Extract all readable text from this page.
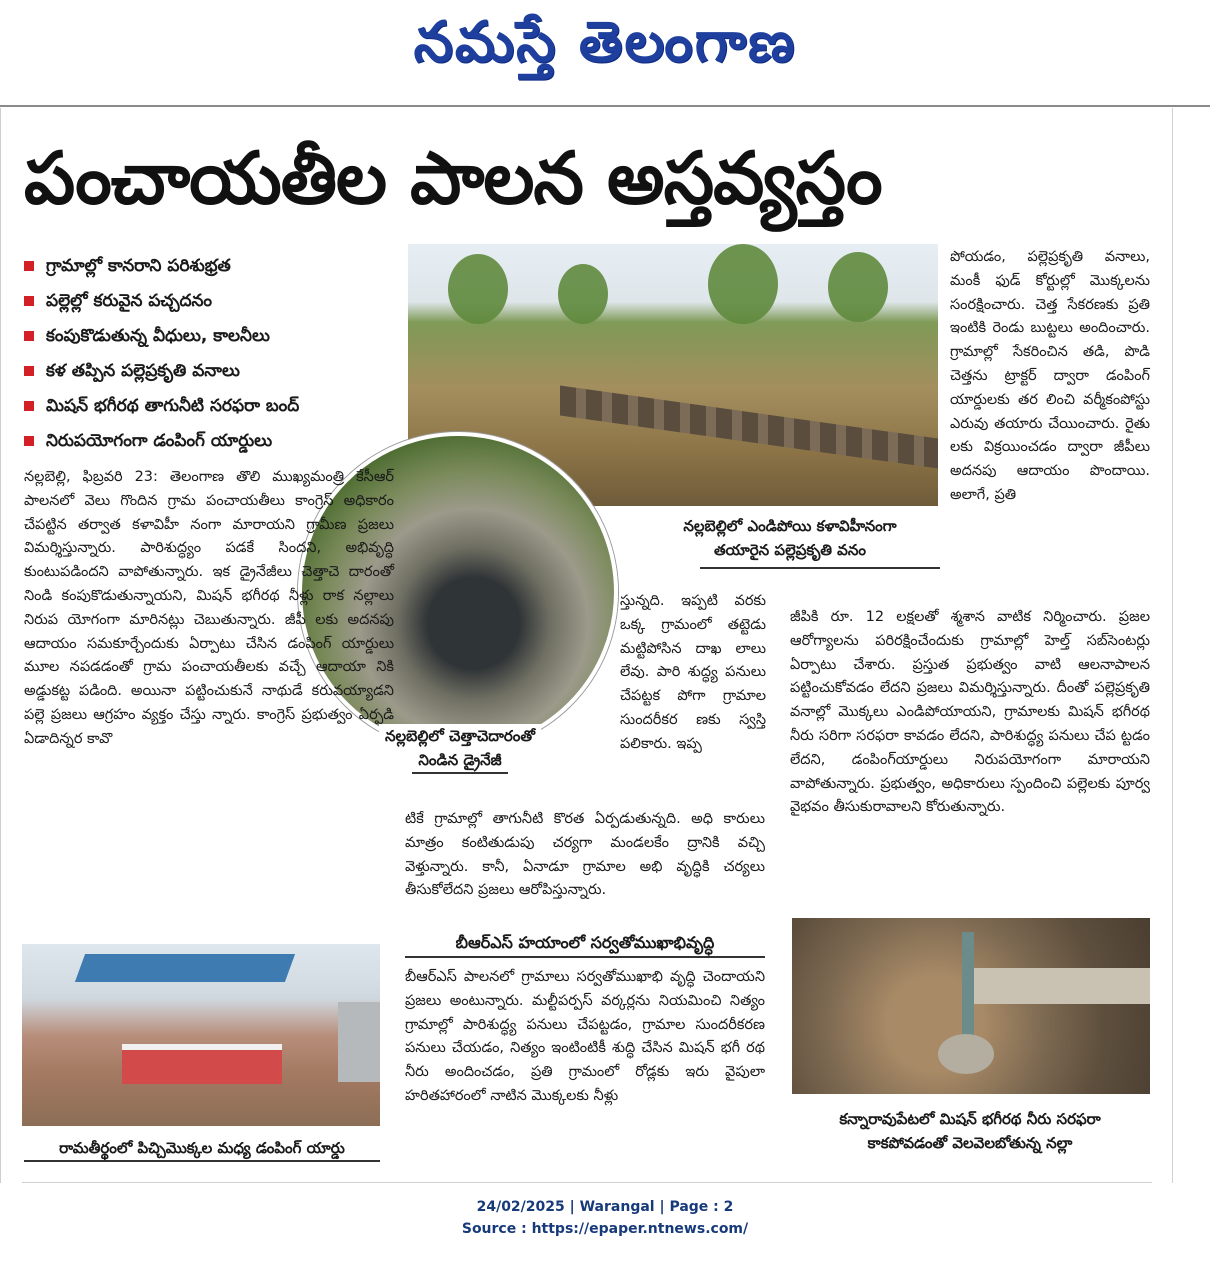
నమస్తే తెలంగాణ
పంచాయతీల పాలన అస్తవ్యస్తం
గ్రామాల్లో కానరాని పరిశుభ్రత
పల్లెల్లో కరువైన పచ్చదనం
కంపుకొడుతున్న వీధులు, కాలనీలు
కళ తప్పిన పల్లెప్రకృతి వనాలు
మిషన్ భగీరథ తాగునీటి సరఫరా బంద్
నిరుపయోగంగా డంపింగ్ యార్డులు
నల్లబెల్లిలో ఎండిపోయి కళావిహీనంగా
తయారైన పల్లెప్రకృతి వనం
నల్లబెల్లిలో చెత్తాచెదారంతో
నిండిన డ్రైనేజీ
రామతీర్థంలో పిచ్చిమొక్కల మధ్య డంపింగ్ యార్డు
కన్నారావుపేటలో మిషన్ భగీరథ నీరు సరఫరా
కాకపోవడంతో వెలవెలబోతున్న నల్లా

నల్లబెల్లి, ఫిబ్రవరి 23: తెలంగాణ తొలి ముఖ్యమంత్రి కేసీఆర్ పాలనలో వెలు గొందిన గ్రామ పంచాయతీలు కాంగ్రెస్ అధికారం చేపట్టిన తర్వాత కళావిహీ నంగా మారాయని గ్రామీణ ప్రజలు విమర్శిస్తున్నారు. పారిశుద్ధ్యం పడకే సిందని, అభివృద్ధి కుంటుపడిందని వాపోతున్నారు. ఇక డ్రైనేజీలు చెత్తాచె దారంతో నిండి కంపుకొడుతున్నాయని, మిషన్ భగీరథ నీళ్లు రాక నల్లాలు నిరుప యోగంగా మారినట్లు చెబుతున్నారు. జీపీ లకు అదనపు ఆదాయం సమకూర్చేందుకు ఏర్పాటు చేసిన డంపింగ్ యార్డులు మూల నపడడంతో గ్రామ పంచాయతీలకు వచ్చే ఆదాయా నికి అడ్డుకట్ట పడింది. అయినా పట్టించుకునే నాథుడే కరువయ్యాడని పల్లె ప్రజలు ఆగ్రహం వ్యక్తం చేస్తు న్నారు. కాంగ్రెస్ ప్రభుత్వం ఏర్పడి ఏడాదిన్నర కావొ

స్తున్నది. ఇప్పటి వరకు ఒక్క గ్రామంలో తట్టెడు మట్టిపోసిన దాఖ లాలు లేవు. పారి శుద్ధ్య పనులు చేపట్టక పోగా గ్రామాల సుందరీకర ణకు స్వస్తి పలికారు. ఇప్ప

టికే గ్రామాల్లో తాగునీటి కొరత ఏర్పడుతున్నది. అధి కారులు మాత్రం కంటితుడుపు చర్యగా మండలకేం ద్రానికి వచ్చి వెళ్తున్నారు. కానీ, ఏనాడూ గ్రామాల అభి వృద్ధికి చర్యలు తీసుకోలేదని ప్రజలు ఆరోపిస్తున్నారు.

బీఆర్‌ఎస్ హయాంలో సర్వతోముఖాభివృద్ధి

బీఆర్‌ఎస్ పాలనలో గ్రామాలు సర్వతోముఖాభి వృద్ధి చెందాయని ప్రజలు అంటున్నారు. మల్టీపర్పస్ వర్కర్లను నియమించి నిత్యం గ్రామాల్లో పారిశుద్ధ్య పనులు చేపట్టడం, గ్రామాల సుందరీకరణ పనులు చేయడం, నిత్యం ఇంటింటికీ శుద్ధి చేసిన మిషన్ భగీ రథ నీరు అందించడం, ప్రతి గ్రామంలో రోడ్లకు ఇరు వైపులా హరితహారంలో నాటిన మొక్కలకు నీళ్లు

పోయడం, పల్లెప్రకృతి వనాలు, మంకీ ఫుడ్ కోర్టుల్లో మొక్కలను సంరక్షించారు. చెత్త సేకరణకు ప్రతి ఇంటికి రెండు బుట్టలు అందించారు. గ్రామాల్లో సేకరించిన తడి, పొడి చెత్తను ట్రాక్టర్ ద్వారా డంపింగ్ యార్డులకు తర లించి వర్మీకంపోస్టు ఎరువు తయారు చేయించారు. రైతు లకు విక్రయించడం ద్వారా జీపీలు అదనపు ఆదాయం పొందాయి. అలాగే, ప్రతి

జీపికి రూ. 12 లక్షలతో శ్మశాన వాటిక నిర్మించారు. ప్రజల ఆరోగ్యాలను పరిరక్షించేందుకు గ్రామాల్లో హెల్త్ సబ్‌సెంటర్లు ఏర్పాటు చేశారు. ప్రస్తుత ప్రభుత్వం వాటి ఆలనాపాలన పట్టించుకోవడం లేదని ప్రజలు విమర్శిస్తున్నారు. దీంతో పల్లెప్రకృతి వనాల్లో మొక్కలు ఎండిపోయాయని, గ్రామాలకు మిషన్ భగీరథ నీరు సరిగా సరఫరా కావడం లేదని, పారిశుద్ధ్య పనులు చేప ట్టడం లేదని, డంపింగ్‌యార్డులు నిరుపయోగంగా మారాయని వాపోతున్నారు. ప్రభుత్వం, అధికారులు స్పందించి పల్లెలకు పూర్వ వైభవం తీసుకురావాలని కోరుతున్నారు.

24/02/2025 | Warangal | Page : 2
Source : https://epaper.ntnews.com/
